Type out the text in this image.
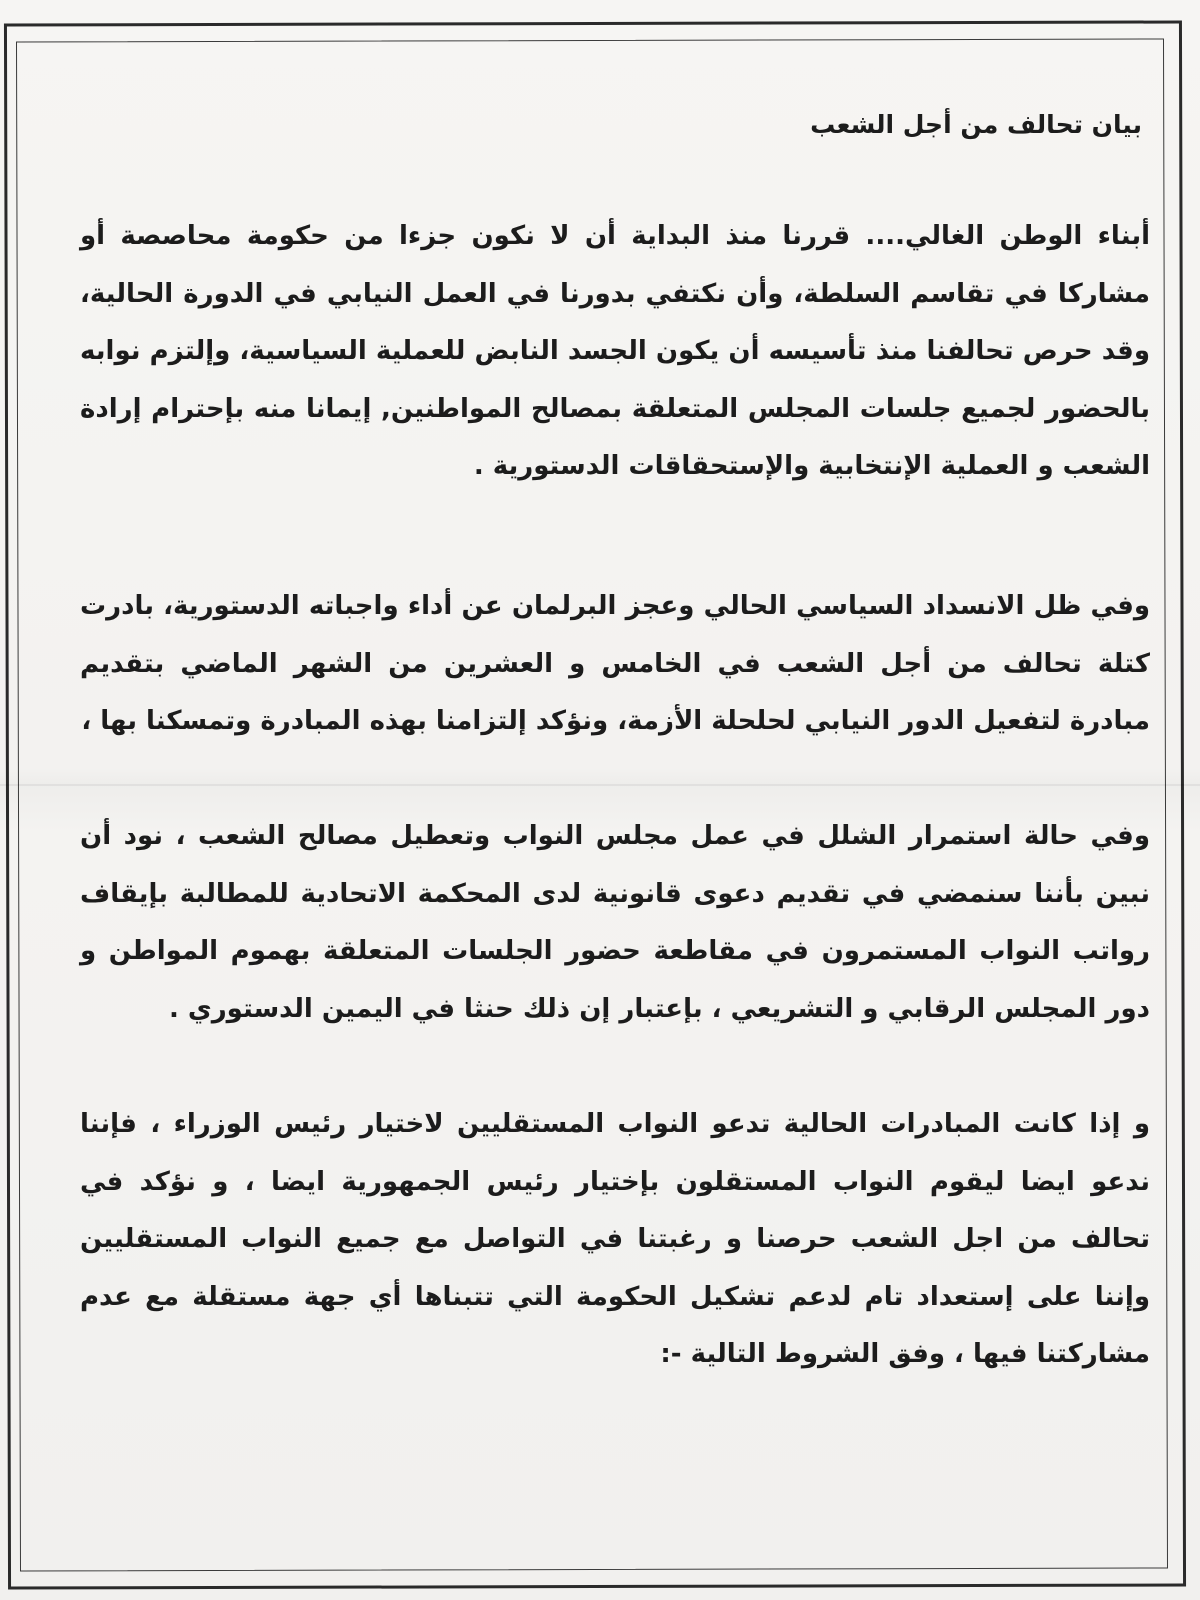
بيان تحالف من أجل الشعب

أبناء الوطن الغالي.... قررنا منذ البداية أن لا نكون جزءا من حكومة محاصصة أو مشاركا في تقاسم السلطة، وأن نكتفي بدورنا في العمل النيابي في الدورة الحالية، وقد حرص تحالفنا منذ تأسيسه أن يكون الجسد النابض للعملية السياسية، وإلتزم نوابه بالحضور لجميع جلسات المجلس المتعلقة بمصالح المواطنين, إيمانا منه بإحترام إرادة الشعب و العملية الإنتخابية والإستحقاقات الدستورية .

وفي ظل الانسداد السياسي الحالي وعجز البرلمان عن أداء واجباته الدستورية، بادرت كتلة تحالف من أجل الشعب في الخامس و العشرين من الشهر الماضي بتقديم مبادرة لتفعيل الدور النيابي لحلحلة الأزمة، ونؤكد إلتزامنا بهذه المبادرة وتمسكنا بها ،

وفي حالة استمرار الشلل في عمل مجلس النواب وتعطيل مصالح الشعب ، نود أن نبين بأننا سنمضي في تقديم دعوى قانونية لدى المحكمة الاتحادية للمطالبة بإيقاف رواتب النواب المستمرون في مقاطعة حضور الجلسات المتعلقة بهموم المواطن و دور المجلس الرقابي و التشريعي ، بإعتبار إن ذلك حنثا في اليمين الدستوري .

و إذا كانت المبادرات الحالية تدعو النواب المستقليين لاختيار رئيس الوزراء ، فإننا ندعو ايضا ليقوم النواب المستقلون بإختيار رئيس الجمهورية ايضا ، و نؤكد في تحالف من اجل الشعب حرصنا و رغبتنا في التواصل مع جميع النواب المستقليين وإننا على إستعداد تام لدعم تشكيل الحكومة التي تتبناها أي جهة مستقلة مع عدم مشاركتنا فيها ، وفق الشروط التالية -:
